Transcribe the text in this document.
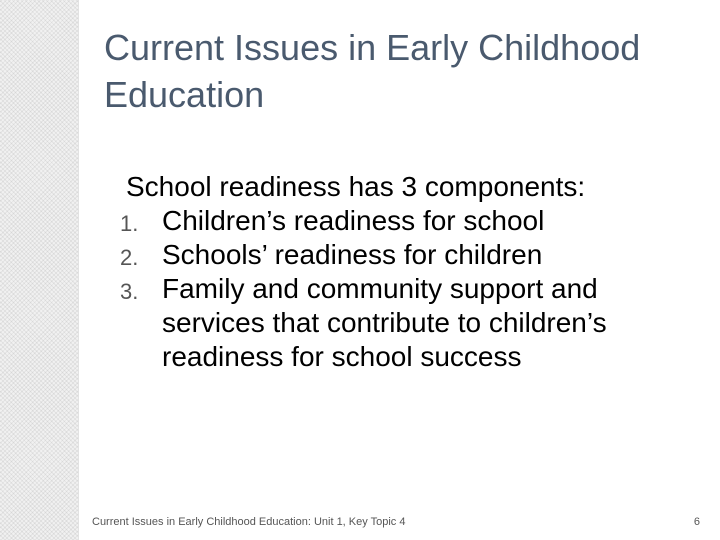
Current Issues in Early Childhood Education

School readiness has 3 components:

1. Children’s readiness for school
2. Schools’ readiness for children
3. Family and community support and services that contribute to children’s readiness for school success
Current Issues in Early Childhood Education: Unit 1, Key Topic 4	6
